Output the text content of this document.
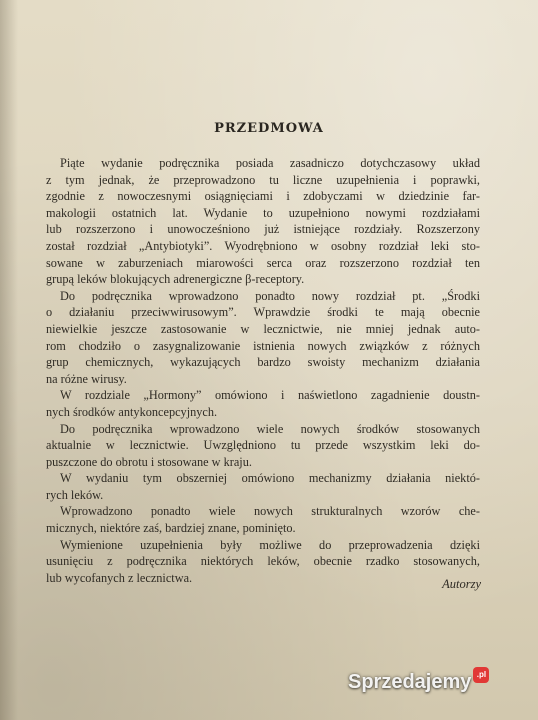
PRZEDMOWA
Piąte wydanie podręcznika posiada zasadniczo dotychczasowy układ
z tym jednak, że przeprowadzono tu liczne uzupełnienia i poprawki,
zgodnie z nowoczesnymi osiągnięciami i zdobyczami w dziedzinie far-
makologii ostatnich lat. Wydanie to uzupełniono nowymi rozdziałami
lub rozszerzono i unowocześniono już istniejące rozdziały. Rozszerzony
został rozdział „Antybiotyki”. Wyodrębniono w osobny rozdział leki sto-
sowane w zaburzeniach miarowości serca oraz rozszerzono rozdział ten
grupą leków blokujących adrenergiczne β-receptory.
Do podręcznika wprowadzono ponadto nowy rozdział pt. „Środki
o działaniu przeciwwirusowym”. Wprawdzie środki te mają obecnie
niewielkie jeszcze zastosowanie w lecznictwie, nie mniej jednak auto-
rom chodziło o zasygnalizowanie istnienia nowych związków z różnych
grup chemicznych, wykazujących bardzo swoisty mechanizm działania
na różne wirusy.
W rozdziale „Hormony” omówiono i naświetlono zagadnienie doustn-
nych środków antykoncepcyjnych.
Do podręcznika wprowadzono wiele nowych środków stosowanych
aktualnie w lecznictwie. Uwzględniono tu przede wszystkim leki do-
puszczone do obrotu i stosowane w kraju.
W wydaniu tym obszerniej omówiono mechanizmy działania niektó-
rych leków.
Wprowadzono ponadto wiele nowych strukturalnych wzorów che-
micznych, niektóre zaś, bardziej znane, pominięto.
Wymienione uzupełnienia były możliwe do przeprowadzenia dzięki
usunięciu z podręcznika niektórych leków, obecnie rzadko stosowanych,
lub wycofanych z lecznictwa.	Autorzy
Sprzedajemy .pl
